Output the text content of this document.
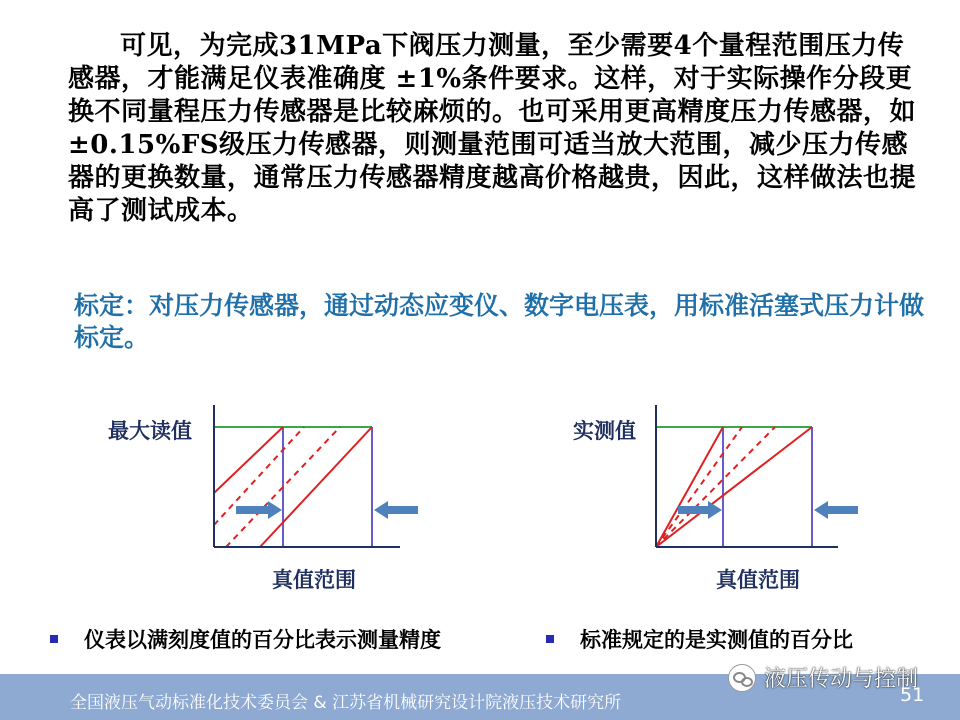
可见，为完成31MPa下阀压力测量，至少需要4个量程范围压力传感器，才能满足仪表准确度 ±1%条件要求。这样，对于实际操作分段更换不同量程压力传感器是比较麻烦的。也可采用更高精度压力传感器，如±0.15%FS级压力传感器，则测量范围可适当放大范围，减少压力传感器的更换数量，通常压力传感器精度越高价格越贵，因此，这样做法也提高了测试成本。
标定：对压力传感器，通过动态应变仪、数字电压表，用标准活塞式压力计做标定。
最大读值
真值范围
实测值
真值范围
仪表以满刻度值的百分比表示测量精度	标准规定的是实测值的百分比
全国液压气动标准化技术委员会 & 江苏省机械研究设计院液压技术研究所
液压传动与控制
51
